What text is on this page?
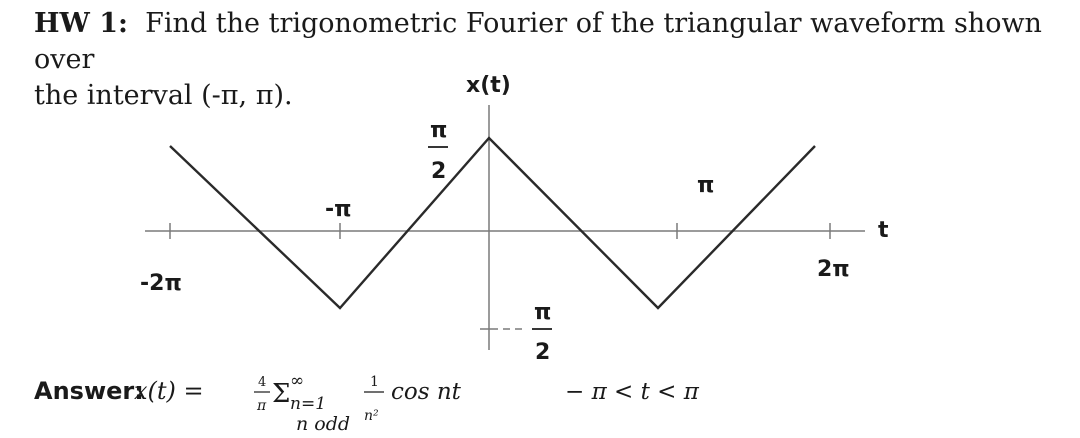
HW 1: Find the trigonometric Fourier of the triangular waveform shown over
the interval (-π, π).	x(t)
t
-2π
-π
π
2π
π
2
π
2
Answer:
x(t) =	4
π Σ ∞
n=1
n odd
1
n²
cos nt	− π < t < π
